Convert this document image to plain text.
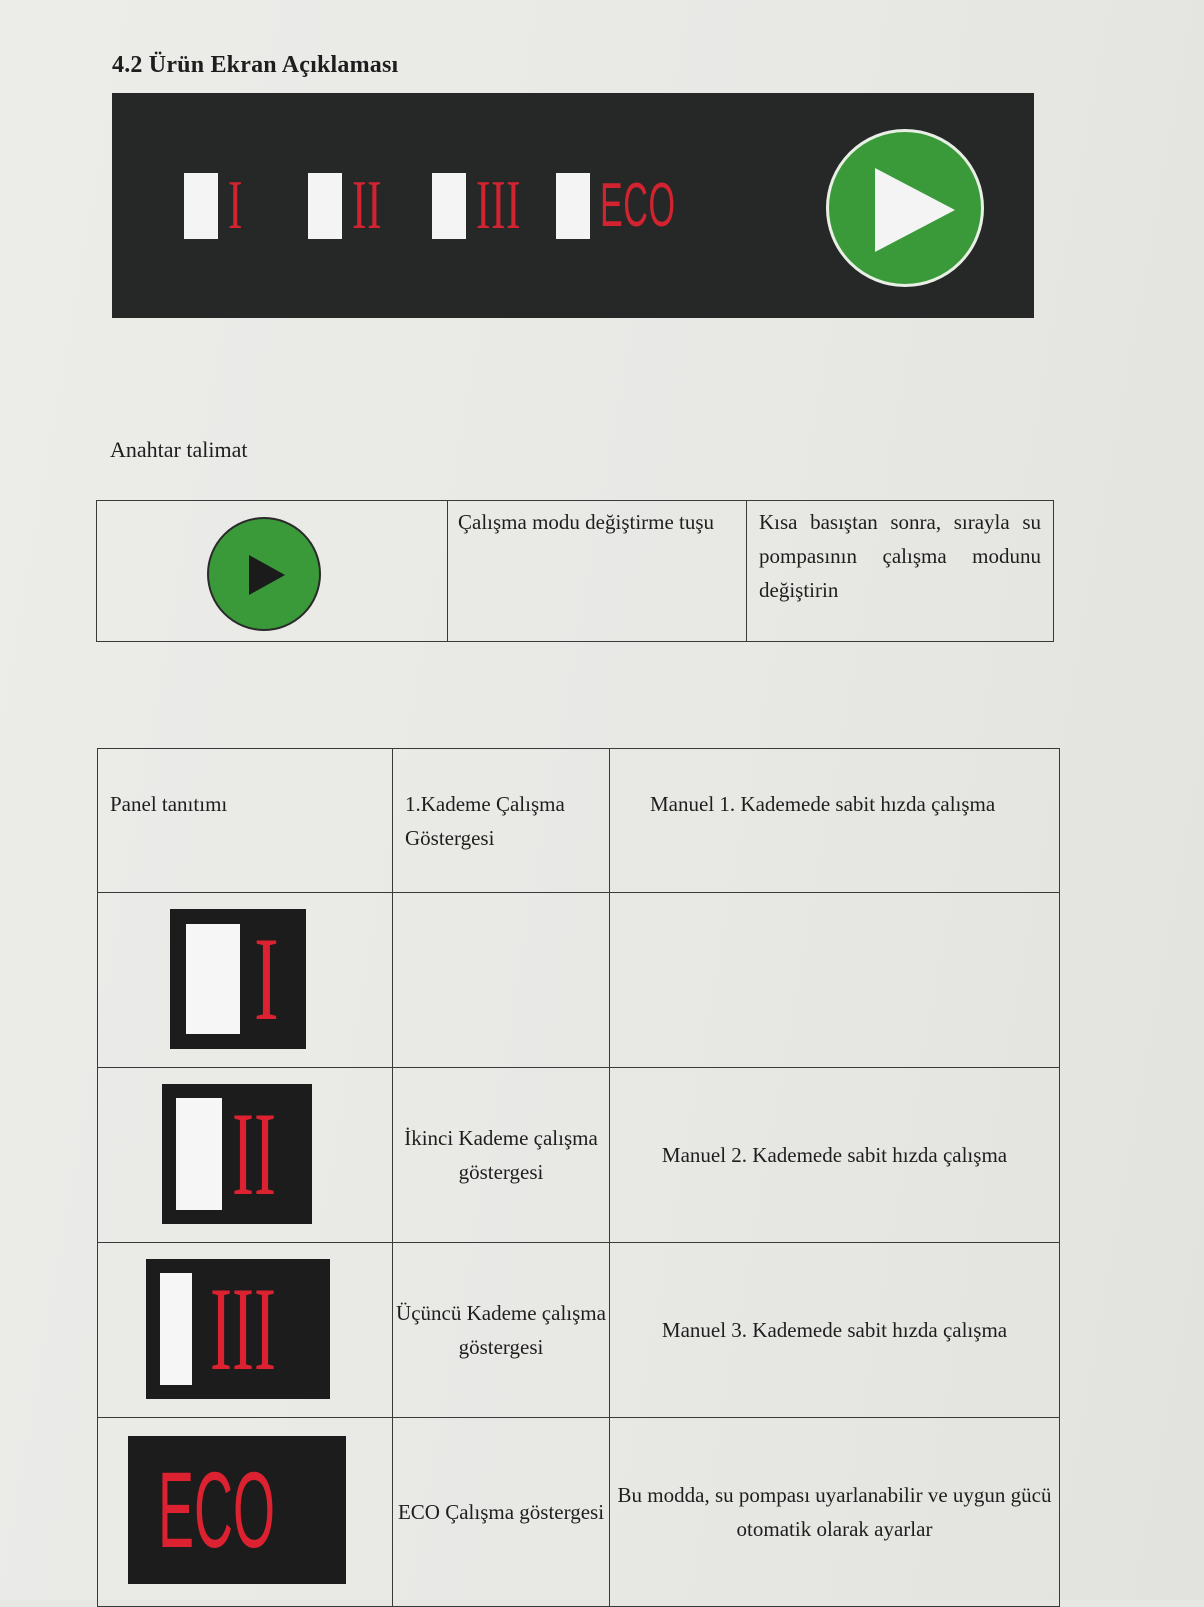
4.2 Ürün Ekran Açıklaması
I II III ECO
Anahtar talimat
	Çalışma modu değiştirme tuşu	Kısa basıştan sonra, sırayla su pompasının çalışma modunu değiştirin
Panel tanıtımı	1.Kademe Çalışma Göstergesi	Manuel 1. Kademede sabit hızda çalışma

I		

II	İkinci Kademe çalışma göstergesi	Manuel 2. Kademede sabit hızda çalışma

III	Üçüncü Kademe çalışma göstergesi	Manuel 3. Kademede sabit hızda çalışma

ECO	ECO Çalışma göstergesi	Bu modda, su pompası uyarlanabilir ve uygun gücü otomatik olarak ayarlar
